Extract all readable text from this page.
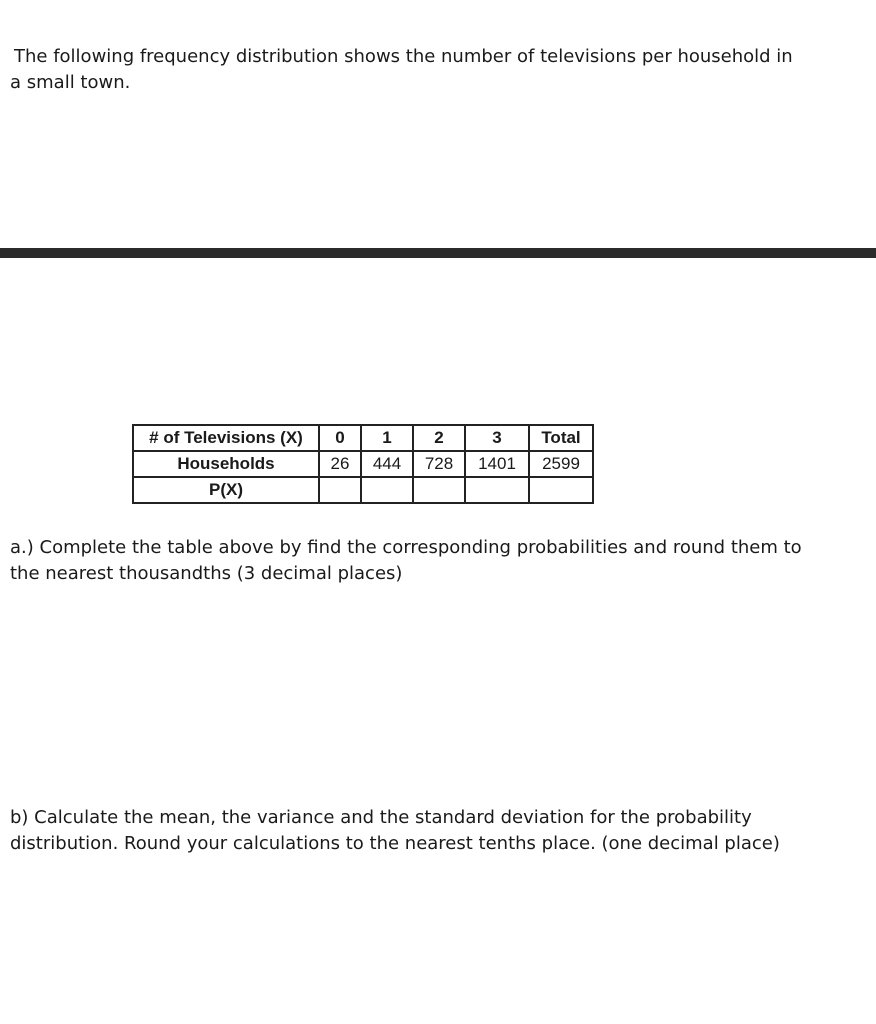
The following frequency distribution shows the number of televisions per household in
a small town.

# of Televisions (X)	0	1	2	3	Total
Households	26	444	728	1401	2599
P(X)					

a.) Complete the table above by find the corresponding probabilities and round them to
the nearest thousandths (3 decimal places)

b) Calculate the mean, the variance and the standard deviation for the probability
distribution. Round your calculations to the nearest tenths place. (one decimal place)
